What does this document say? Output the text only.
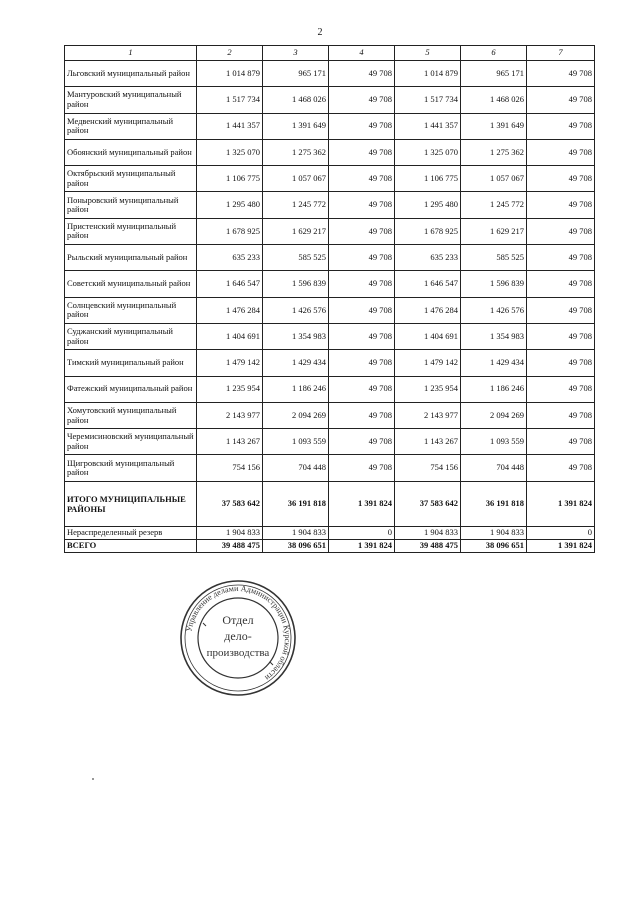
2
1	2	3	4	5	6	7
Льговский муниципальный район	1 014 879	965 171	49 708	1 014 879	965 171	49 708
Мантуровский муниципальный район	1 517 734	1 468 026	49 708	1 517 734	1 468 026	49 708
Медвенский муниципальный район	1 441 357	1 391 649	49 708	1 441 357	1 391 649	49 708
Обоянский муниципальный район	1 325 070	1 275 362	49 708	1 325 070	1 275 362	49 708
Октябрьский муниципальный район	1 106 775	1 057 067	49 708	1 106 775	1 057 067	49 708
Поныровский муниципальный район	1 295 480	1 245 772	49 708	1 295 480	1 245 772	49 708
Пристенский муниципальный район	1 678 925	1 629 217	49 708	1 678 925	1 629 217	49 708
Рыльский муниципальный район	635 233	585 525	49 708	635 233	585 525	49 708
Советский муниципальный район	1 646 547	1 596 839	49 708	1 646 547	1 596 839	49 708
Солнцевский муниципальный район	1 476 284	1 426 576	49 708	1 476 284	1 426 576	49 708
Суджанский муниципальный район	1 404 691	1 354 983	49 708	1 404 691	1 354 983	49 708
Тимский муниципальный район	1 479 142	1 429 434	49 708	1 479 142	1 429 434	49 708
Фатежский муниципальный район	1 235 954	1 186 246	49 708	1 235 954	1 186 246	49 708
Хомутовский муниципальный район	2 143 977	2 094 269	49 708	2 143 977	2 094 269	49 708
Черемисиновский муниципальный район	1 143 267	1 093 559	49 708	1 143 267	1 093 559	49 708
Щигровский муниципальный район	754 156	704 448	49 708	754 156	704 448	49 708
ИТОГО МУНИЦИПАЛЬНЫЕ РАЙОНЫ	37 583 642	36 191 818	1 391 824	37 583 642	36 191 818	1 391 824
Нераспределенный резерв	1 904 833	1 904 833	0	1 904 833	1 904 833	0
ВСЕГО	39 488 475	38 096 651	1 391 824	39 488 475	38 096 651	1 391 824
Управление делами Администрации Курской области
Отдел
дело-
производства
